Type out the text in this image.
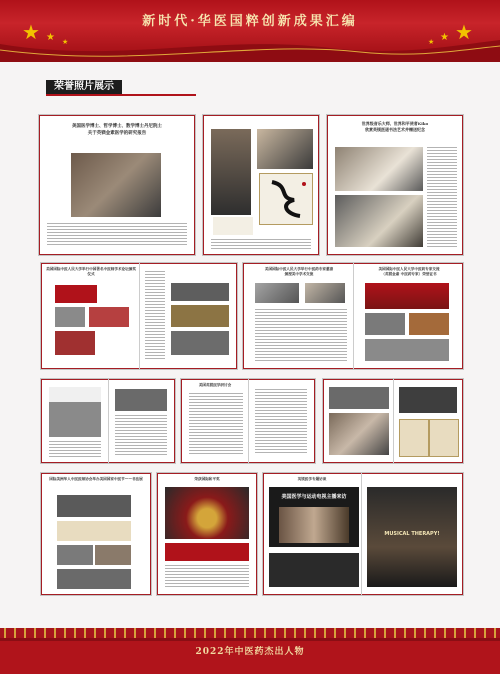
新时代·华医国粹创新成果汇编
★ ★ ★	★
★
★
荣誉照片展示
美国医学博士、哲学博士、数学博士丹尼院士
关于英镁金素医学的研究报告
世界级音乐大师、世界和平使者Kiko
欣赏英镁医道书法艺术并赠送纪念
美国国际中医人民大学举行中国著名中医师学术论坛颁奖仪式
美国国际中医人民大学举行中医药专家邀请
颁授美中学术交流
美国国际中医人民大学中医药专家交流
（英镁金素 中医药专家）荣誉证书
美国英镁医学研讨会
国际美洲华人中医医师协会举办美国国家中医节——书法展	荣获国际和平奖	英镁医学专题访谈
美国医学与运动电视主播来访
MUSICAL THERAPY!
2022年中医药杰出人物
